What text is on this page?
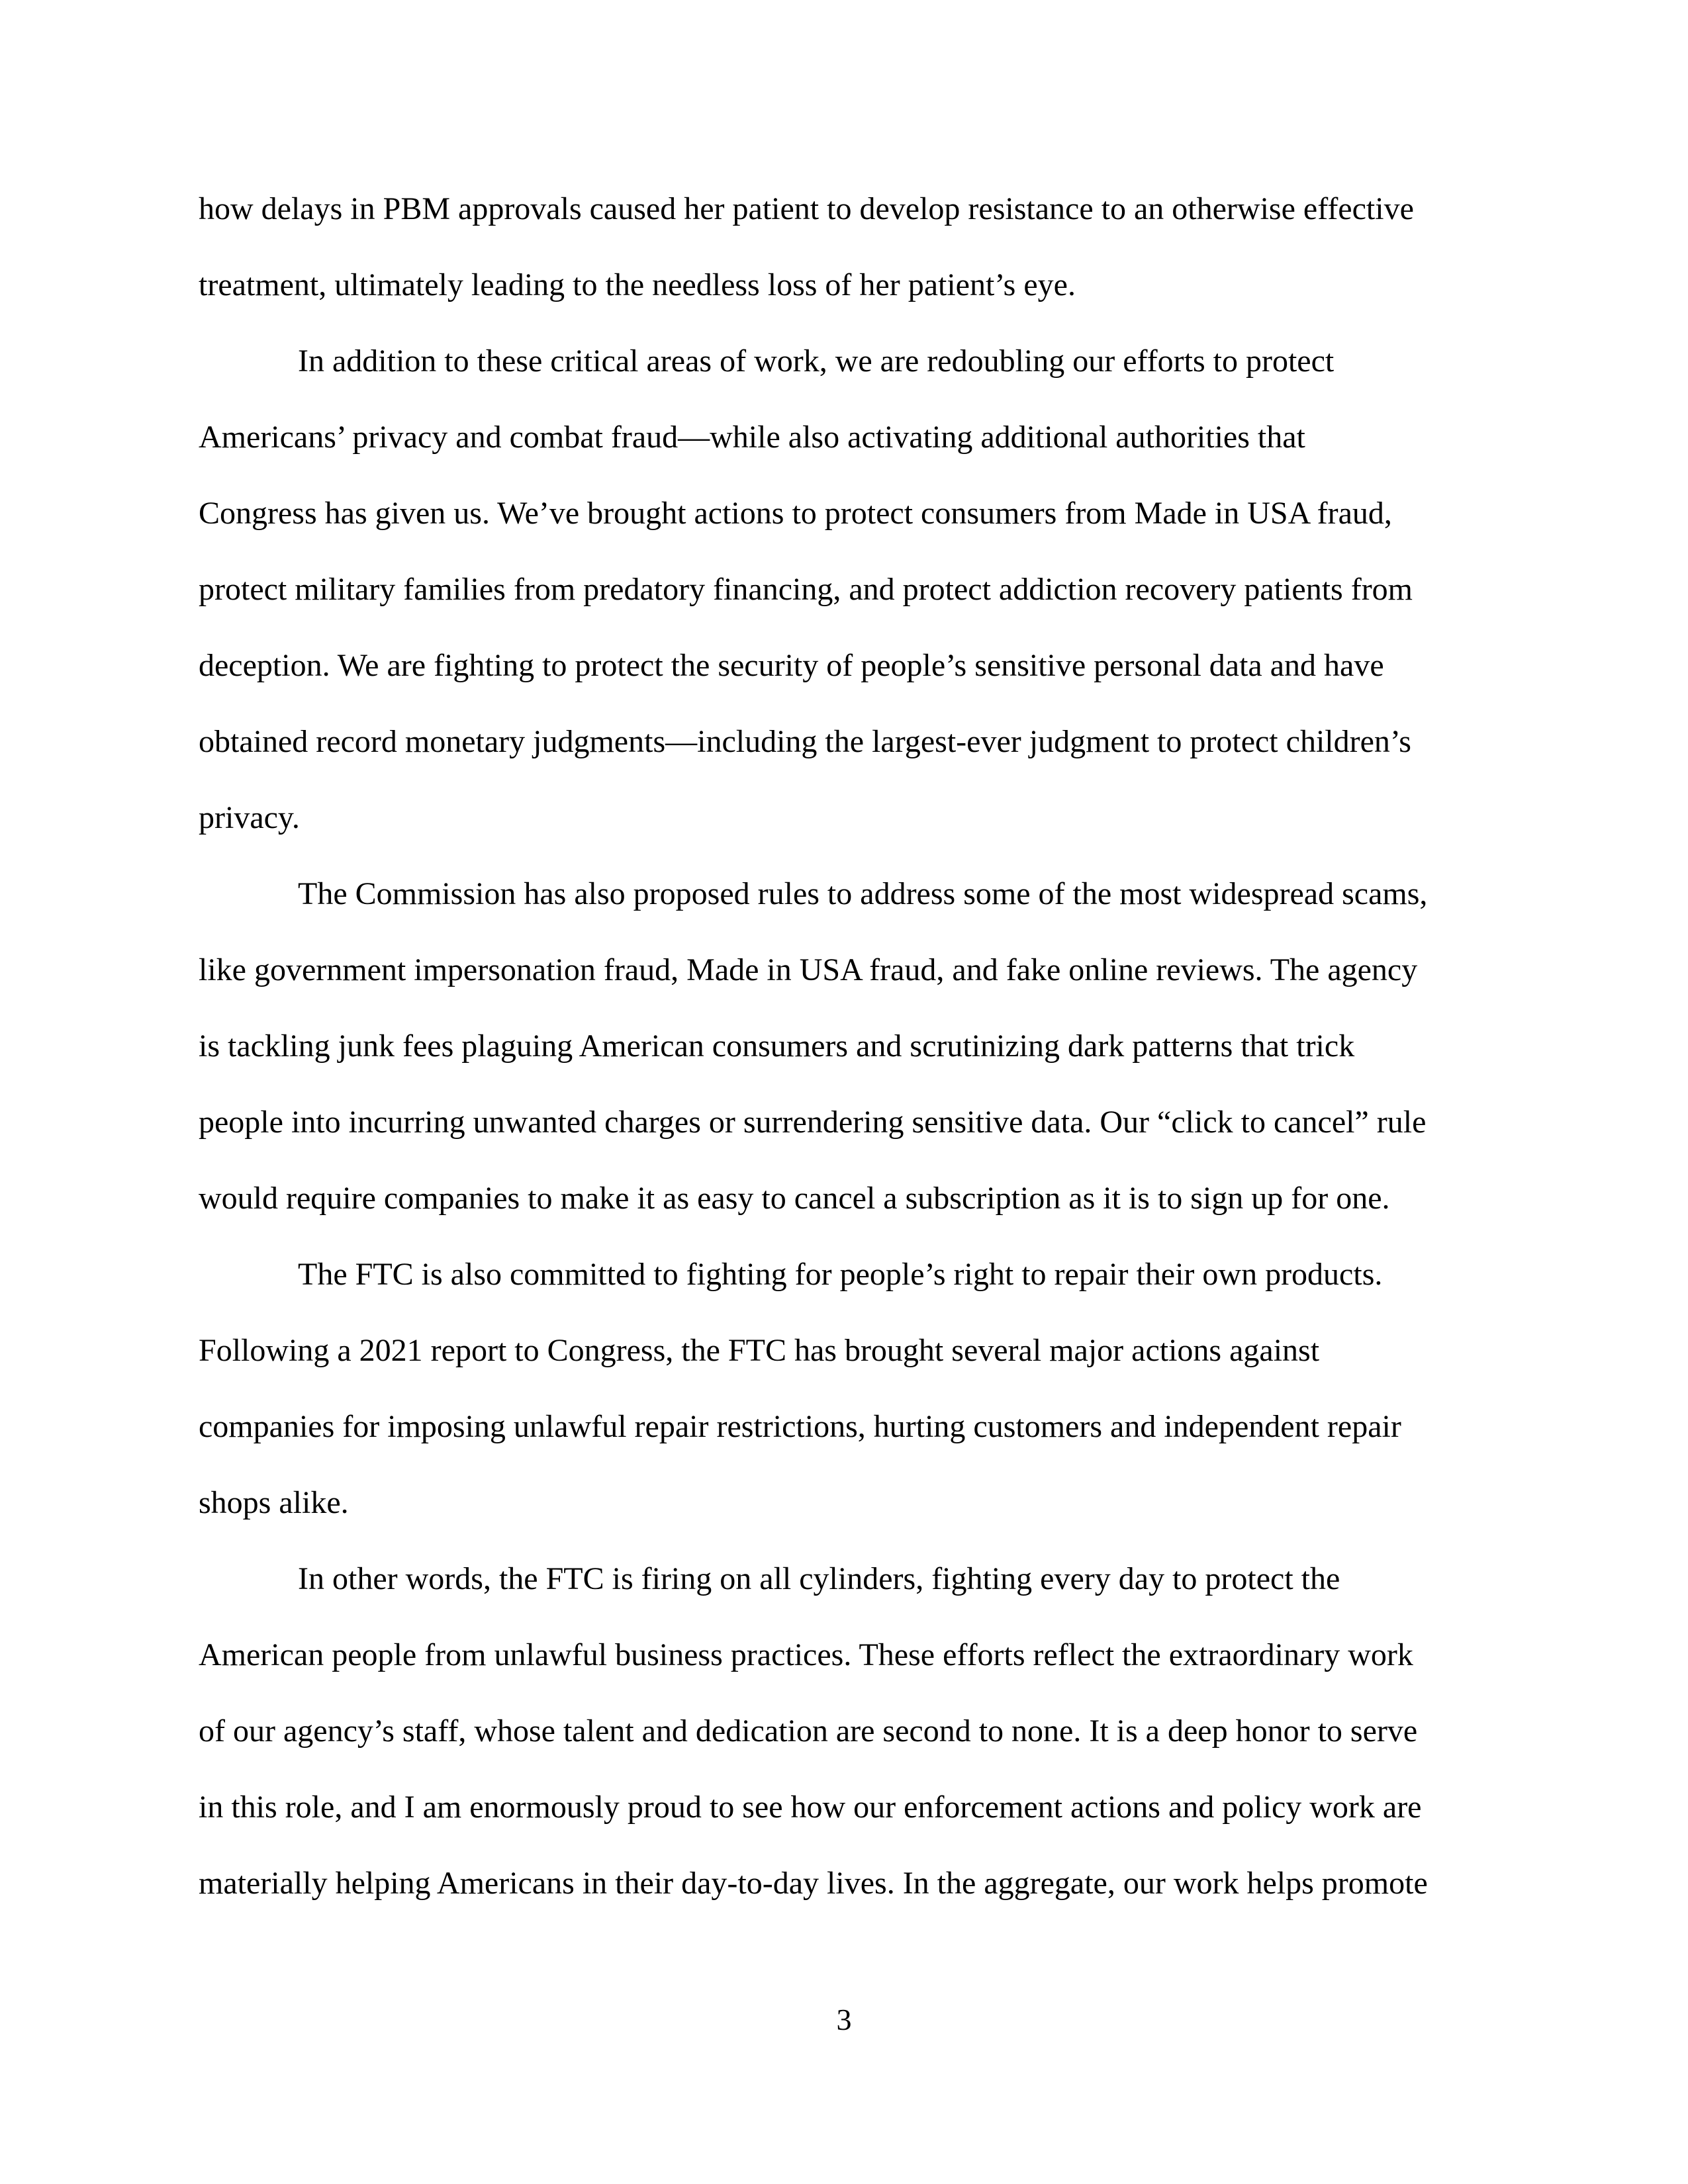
how delays in PBM approvals caused her patient to develop resistance to an otherwise effective
treatment, ultimately leading to the needless loss of her patient’s eye.
In addition to these critical areas of work, we are redoubling our efforts to protect
Americans’ privacy and combat fraud—while also activating additional authorities that
Congress has given us. We’ve brought actions to protect consumers from Made in USA fraud,
protect military families from predatory financing, and protect addiction recovery patients from
deception. We are fighting to protect the security of people’s sensitive personal data and have
obtained record monetary judgments—including the largest-ever judgment to protect children’s
privacy.
The Commission has also proposed rules to address some of the most widespread scams,
like government impersonation fraud, Made in USA fraud, and fake online reviews. The agency
is tackling junk fees plaguing American consumers and scrutinizing dark patterns that trick
people into incurring unwanted charges or surrendering sensitive data. Our “click to cancel” rule
would require companies to make it as easy to cancel a subscription as it is to sign up for one.
The FTC is also committed to fighting for people’s right to repair their own products.
Following a 2021 report to Congress, the FTC has brought several major actions against
companies for imposing unlawful repair restrictions, hurting customers and independent repair
shops alike.
In other words, the FTC is firing on all cylinders, fighting every day to protect the
American people from unlawful business practices. These efforts reflect the extraordinary work
of our agency’s staff, whose talent and dedication are second to none. It is a deep honor to serve
in this role, and I am enormously proud to see how our enforcement actions and policy work are
materially helping Americans in their day-to-day lives. In the aggregate, our work helps promote
3
